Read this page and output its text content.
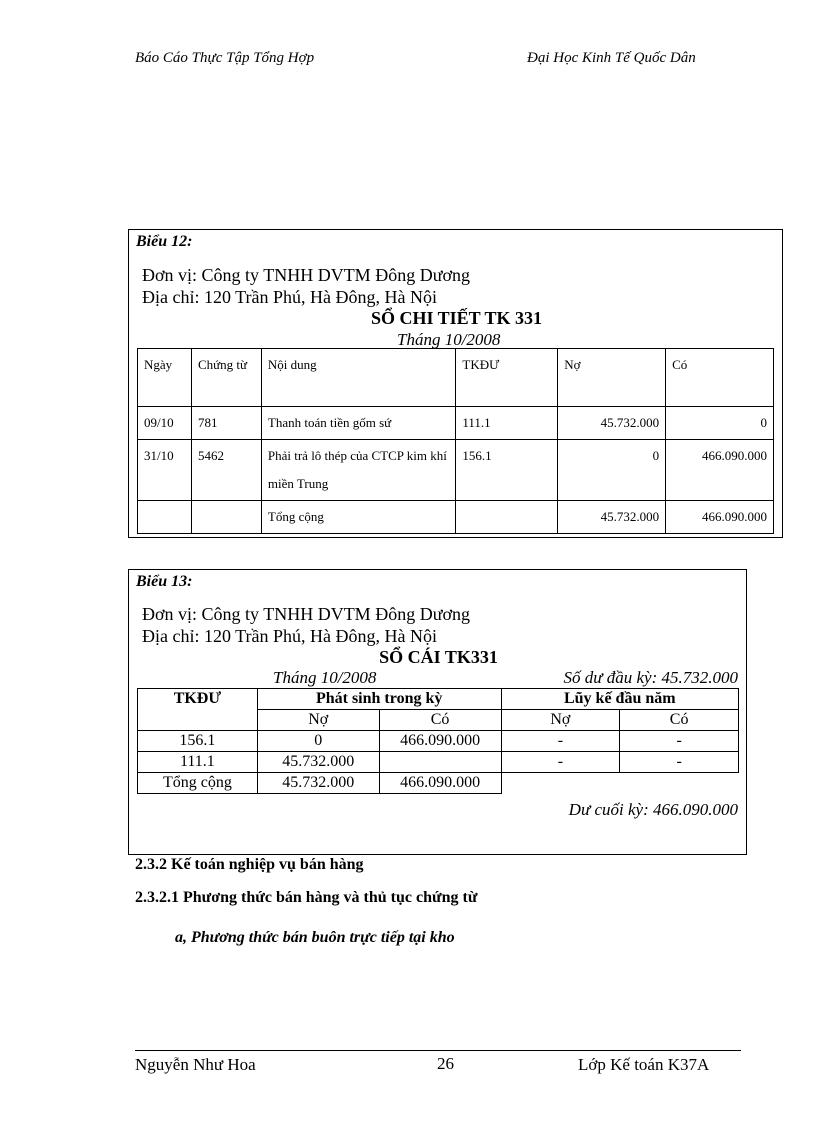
Báo Cáo Thực Tập Tổng Hợp	Đại Học Kinh Tế Quốc Dân
Biểu 12:
Đơn vị: Công ty TNHH DVTM Đông Dương
Địa chỉ: 120 Trần Phú, Hà Đông, Hà Nội
SỔ CHI TIẾT TK 331
Tháng 10/2008
Ngày	Chứng từ	Nội dung	TKĐƯ	Nợ	Có
09/10	781	Thanh toán tiền gốm sứ	111.1	45.732.000	0
31/10	5462	Phải trả lô thép của CTCP kim khí miền Trung	156.1	0	466.090.000
		Tổng cộng		45.732.000	466.090.000
Biểu 13:
Đơn vị: Công ty TNHH DVTM Đông Dương
Địa chỉ: 120 Trần Phú, Hà Đông, Hà Nội
SỔ CÁI TK331
Tháng 10/2008	Số dư đầu kỳ: 45.732.000
TKĐƯ	Phát sinh trong kỳ		Lũy kế đầu năm	
	Nợ	Có	Nợ	Có
156.1	0	466.090.000	-	-
111.1	45.732.000		-	-
Tổng cộng	45.732.000	466.090.000		
Dư cuối kỳ: 466.090.000
2.3.2 Kế toán nghiệp vụ bán hàng
2.3.2.1 Phương thức bán hàng và thủ tục chứng từ
a, Phương thức bán buôn trực tiếp tại kho
Nguyễn Như Hoa	26	Lớp Kế toán K37A
